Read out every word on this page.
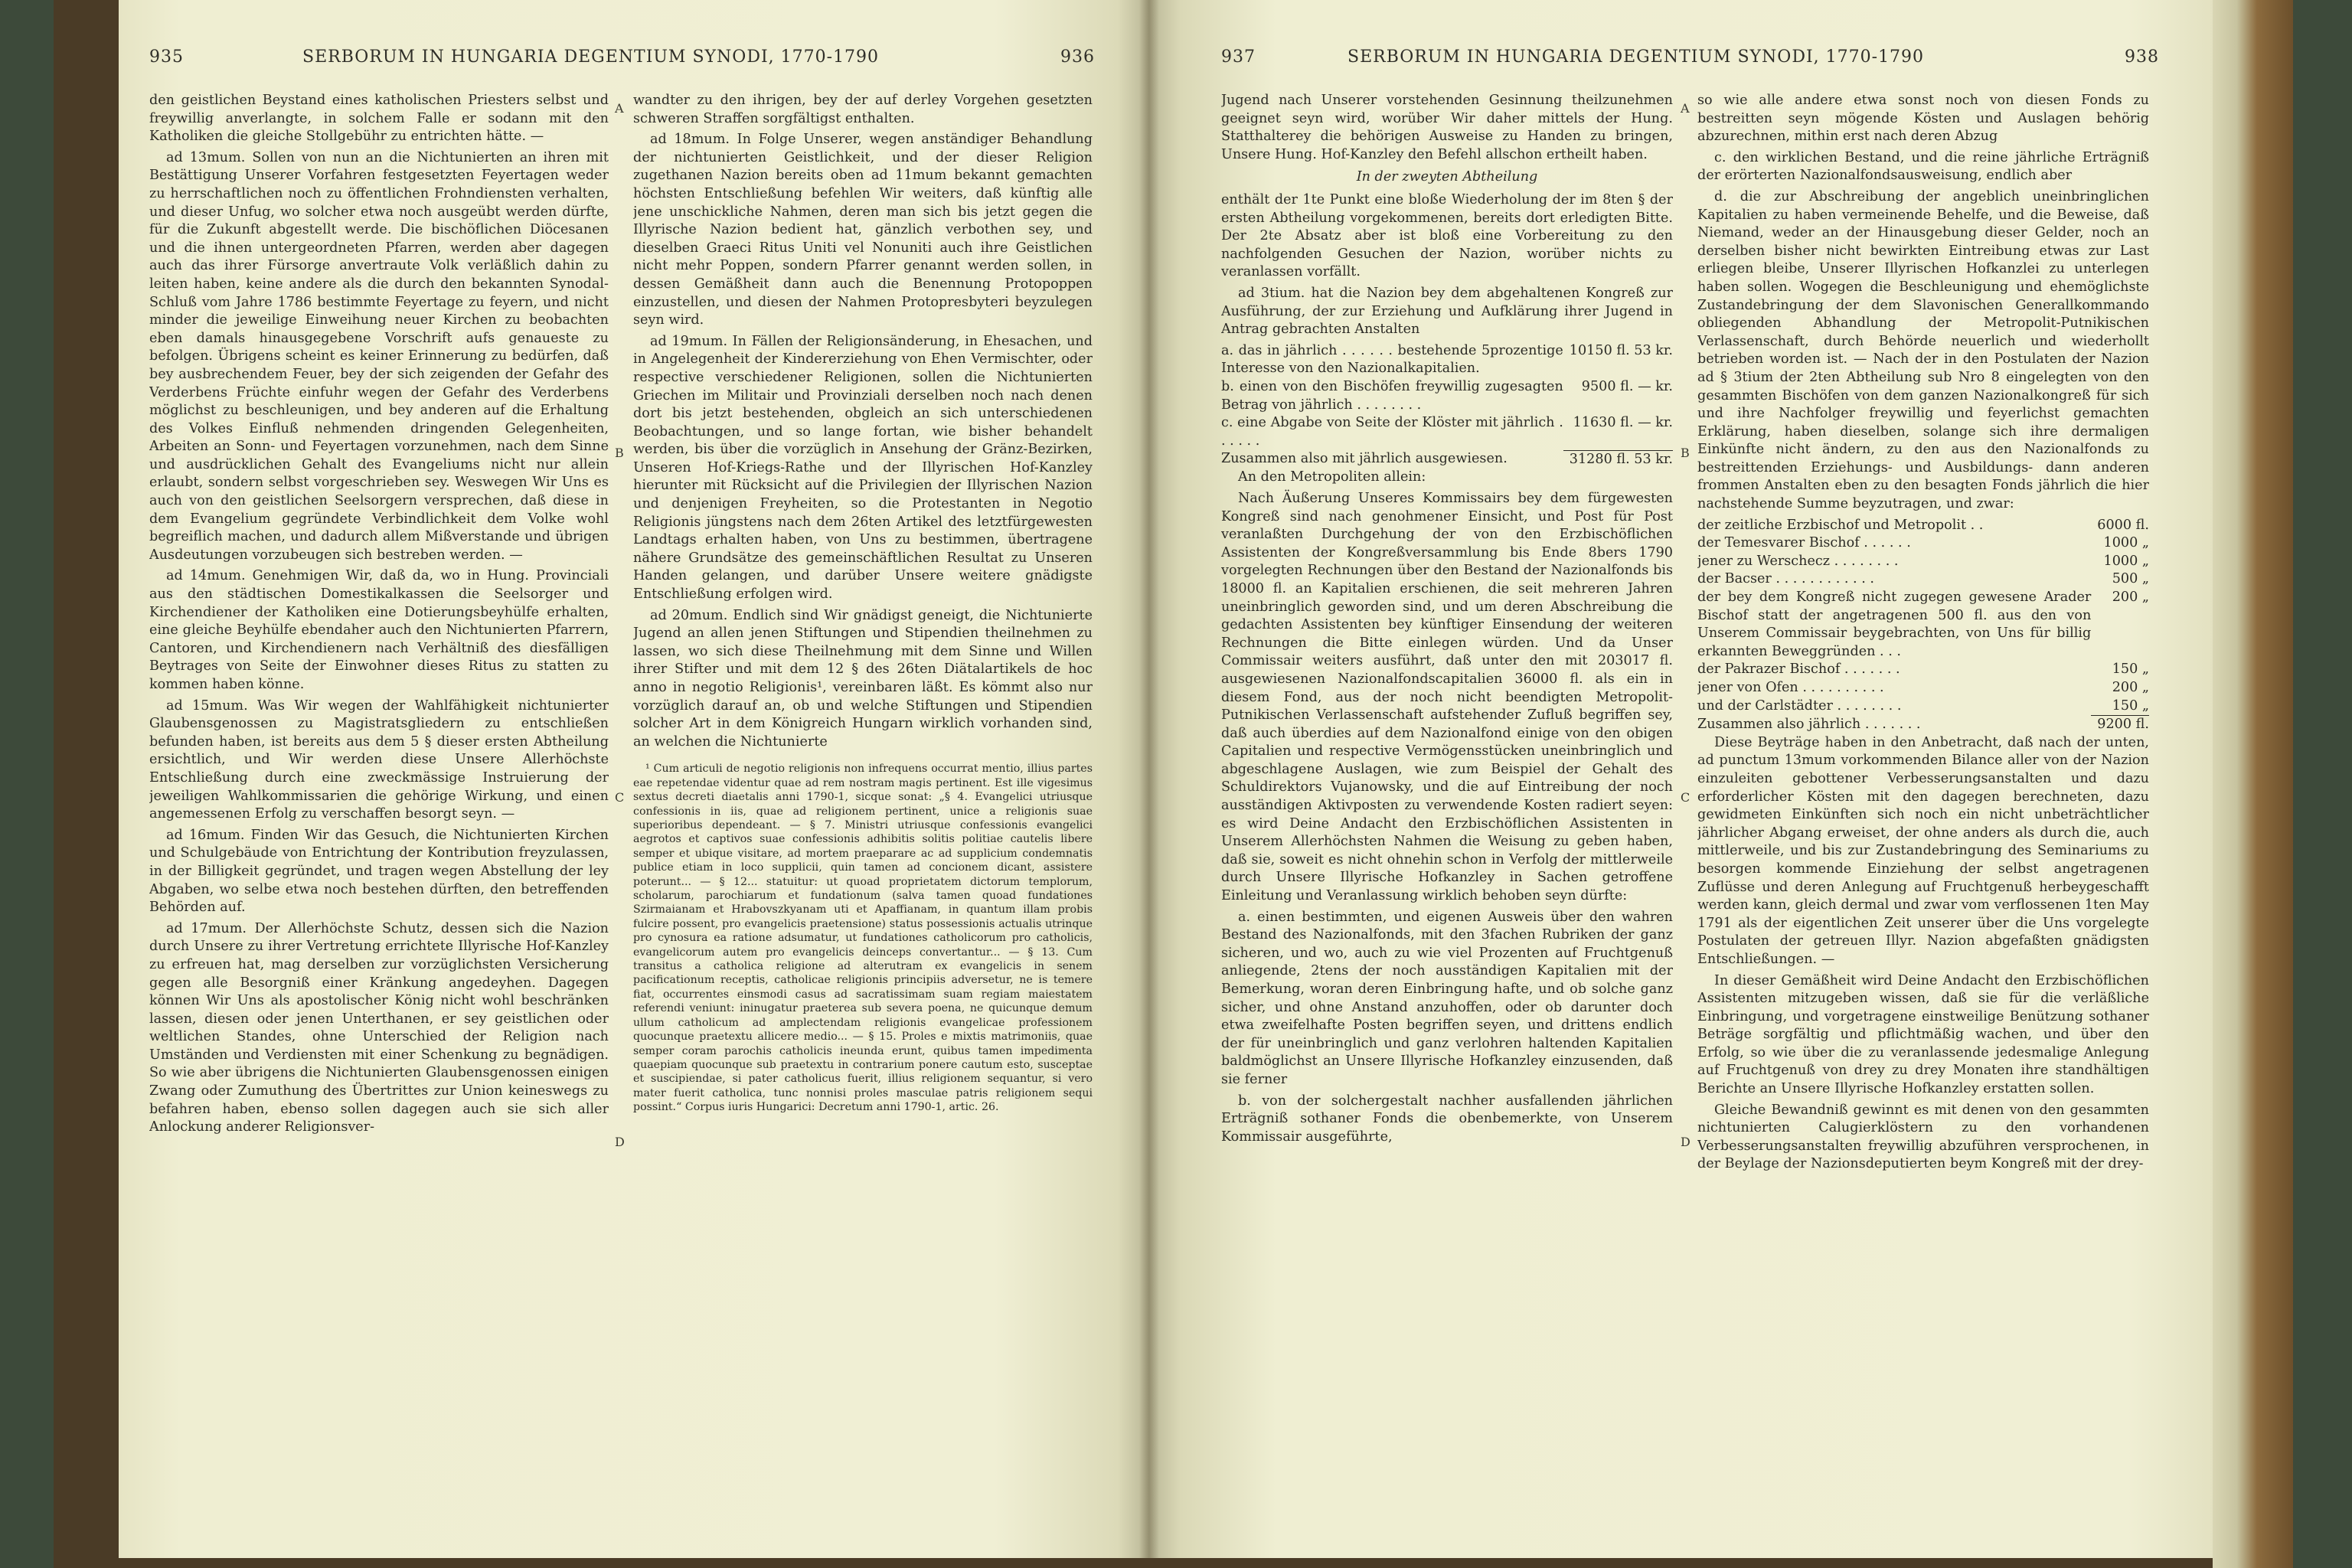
935	SERBORUM IN HUNGARIA DEGENTIUM SYNODI, 1770-1790	936

den geistlichen Beystand eines katholischen Priesters selbst und freywillig anverlangte, in solchem Falle er sodann mit den Katholiken die gleiche Stollgebühr zu entrichten hätte. —

ad 13mum. Sollen von nun an die Nichtunierten an ihren mit Bestättigung Unserer Vorfahren festgesetzten Feyertagen weder zu herrschaftlichen noch zu öffentlichen Frohndiensten verhalten, und dieser Unfug, wo solcher etwa noch ausgeübt werden dürfte, für die Zukunft abgestellt werde. Die bischöflichen Diöcesanen und die ihnen untergeordneten Pfarren, werden aber dagegen auch das ihrer Fürsorge anvertraute Volk verläßlich dahin zu leiten haben, keine andere als die durch den bekannten Synodal-Schluß vom Jahre 1786 bestimmte Feyertage zu feyern, und nicht minder die jeweilige Einweihung neuer Kirchen zu beobachten eben damals hinausgegebene Vorschrift aufs genaueste zu befolgen. Übrigens scheint es keiner Erinnerung zu bedürfen, daß bey ausbrechendem Feuer, bey der sich zeigenden der Gefahr des Verderbens Früchte einfuhr wegen der Gefahr des Verderbens möglichst zu beschleunigen, und bey anderen auf die Erhaltung des Volkes Einfluß nehmenden dringenden Gelegenheiten, Arbeiten an Sonn- und Feyertagen vorzunehmen, nach dem Sinne und ausdrücklichen Gehalt des Evangeliums nicht nur allein erlaubt, sondern selbst vorgeschrieben sey. Weswegen Wir Uns es auch von den geistlichen Seelsorgern versprechen, daß diese in dem Evangelium gegründete Verbindlichkeit dem Volke wohl begreiflich machen, und dadurch allem Mißverstande und übrigen Ausdeutungen vorzubeugen sich bestreben werden. —

ad 14mum. Genehmigen Wir, daß da, wo in Hung. Provinciali aus den städtischen Domestikalkassen die Seelsorger und Kirchendiener der Katholiken eine Dotierungsbeyhülfe erhalten, eine gleiche Beyhülfe ebendaher auch den Nichtunierten Pfarrern, Cantoren, und Kirchendienern nach Verhältniß des diesfälligen Beytrages von Seite der Einwohner dieses Ritus zu statten zu kommen haben könne.

ad 15mum. Was Wir wegen der Wahlfähigkeit nichtunierter Glaubensgenossen zu Magistratsgliedern zu entschließen befunden haben, ist bereits aus dem 5 § dieser ersten Abtheilung ersichtlich, und Wir werden diese Unsere Allerhöchste Entschließung durch eine zweckmässige Instruierung der jeweiligen Wahlkommissarien die gehörige Wirkung, und einen angemessenen Erfolg zu verschaffen besorgt seyn. —

ad 16mum. Finden Wir das Gesuch, die Nichtunierten Kirchen und Schulgebäude von Entrichtung der Kontribution freyzulassen, in der Billigkeit gegründet, und tragen wegen Abstellung der ley Abgaben, wo selbe etwa noch bestehen dürften, den betreffenden Behörden auf.

ad 17mum. Der Allerhöchste Schutz, dessen sich die Nazion durch Unsere zu ihrer Vertretung errichtete Illyrische Hof-Kanzley zu erfreuen hat, mag derselben zur vorzüglichsten Versicherung gegen alle Besorgniß einer Kränkung angedeyhen. Dagegen können Wir Uns als apostolischer König nicht wohl beschränken lassen, diesen oder jenen Unterthanen, er sey geistlichen oder weltlichen Standes, ohne Unterschied der Religion nach Umständen und Verdiensten mit einer Schenkung zu begnädigen. So wie aber übrigens die Nichtunierten Glaubensgenossen einigen Zwang oder Zumuthung des Übertrittes zur Union keineswegs zu befahren haben, ebenso sollen dagegen auch sie sich aller Anlockung anderer Religionsver-

A
B
C
D

wandter zu den ihrigen, bey der auf derley Vorgehen gesetzten schweren Straffen sorgfältigst enthalten.

ad 18mum. In Folge Unserer, wegen anständiger Behandlung der nichtunierten Geistlichkeit, und der dieser Religion zugethanen Nazion bereits oben ad 11mum bekannt gemachten höchsten Entschließung befehlen Wir weiters, daß künftig alle jene unschickliche Nahmen, deren man sich bis jetzt gegen die Illyrische Nazion bedient hat, gänzlich verbothen sey, und dieselben Graeci Ritus Uniti vel Nonuniti auch ihre Geistlichen nicht mehr Poppen, sondern Pfarrer genannt werden sollen, in dessen Gemäßheit dann auch die Benennung Protopoppen einzustellen, und diesen der Nahmen Protopresbyteri beyzulegen seyn wird.

ad 19mum. In Fällen der Religionsänderung, in Ehesachen, und in Angelegenheit der Kindererziehung von Ehen Vermischter, oder respective verschiedener Religionen, sollen die Nichtunierten Griechen im Militair und Provinziali derselben noch nach denen dort bis jetzt bestehenden, obgleich an sich unterschiedenen Beobachtungen, und so lange fortan, wie bisher behandelt werden, bis über die vorzüglich in Ansehung der Gränz-Bezirken, Unseren Hof-Kriegs-Rathe und der Illyrischen Hof-Kanzley hierunter mit Rücksicht auf die Privilegien der Illyrischen Nazion und denjenigen Freyheiten, so die Protestanten in Negotio Religionis jüngstens nach dem 26ten Artikel des letztfürgewesten Landtags erhalten haben, von Uns zu bestimmen, übertragene nähere Grundsätze des gemeinschäftlichen Resultat zu Unseren Handen gelangen, und darüber Unsere weitere gnädigste Entschließung erfolgen wird.

ad 20mum. Endlich sind Wir gnädigst geneigt, die Nichtunierte Jugend an allen jenen Stiftungen und Stipendien theilnehmen zu lassen, wo sich diese Theilnehmung mit dem Sinne und Willen ihrer Stifter und mit dem 12 § des 26ten Diätalartikels de hoc anno in negotio Religionis¹, vereinbaren läßt. Es kömmt also nur vorzüglich darauf an, ob und welche Stiftungen und Stipendien solcher Art in dem Königreich Hungarn wirklich vorhanden sind, an welchen die Nichtunierte

¹ Cum articuli de negotio religionis non infrequens occurrat mentio, illius partes eae repetendae videntur quae ad rem nostram magis pertinent. Est ille vigesimus sextus decreti diaetalis anni 1790-1, sicque sonat: „§ 4. Evangelici utriusque confessionis in iis, quae ad religionem pertinent, unice a religionis suae superioribus dependeant. — § 7. Ministri utriusque confessionis evangelici aegrotos et captivos suae confessionis adhibitis solitis politiae cautelis libere semper et ubique visitare, ad mortem praeparare ac ad supplicium condemnatis publice etiam in loco supplicii, quin tamen ad concionem dicant, assistere poterunt... — § 12... statuitur: ut quoad proprietatem dictorum templorum, scholarum, parochiarum et fundationum (salva tamen quoad fundationes Szirmaianam et Hrabovszkyanam uti et Apaffianam, in quantum illam probis fulcire possent, pro evangelicis praetensione) status possessionis actualis utrinque pro cynosura ea ratione adsumatur, ut fundationes catholicorum pro catholicis, evangelicorum autem pro evangelicis deinceps convertantur... — § 13. Cum transitus a catholica religione ad alterutram ex evangelicis in senem pacificationum receptis, catholicae religionis principiis adversetur, ne is temere fiat, occurrentes einsmodi casus ad sacratissimam suam regiam maiestatem referendi veniunt: ininugatur praeterea sub severa poena, ne quicunque demum ullum catholicum ad amplectendam religionis evangelicae professionem quocunque praetextu allicere medio... — § 15. Proles e mixtis matrimoniis, quae semper coram parochis catholicis ineunda erunt, quibus tamen impedimenta quaepiam quocunque sub praetextu in contrarium ponere cautum esto, susceptae et suscipiendae, si pater catholicus fuerit, illius religionem sequantur, si vero mater fuerit catholica, tunc nonnisi proles masculae patris religionem sequi possint.“ Corpus iuris Hungarici: Decretum anni 1790-1, artic. 26.

937	SERBORUM IN HUNGARIA DEGENTIUM SYNODI, 1770-1790	938

Jugend nach Unserer vorstehenden Gesinnung theilzunehmen geeignet seyn wird, worüber Wir daher mittels der Hung. Statthalterey die behörigen Ausweise zu Handen zu bringen, Unsere Hung. Hof-Kanzley den Befehl allschon ertheilt haben.

In der zweyten Abtheilung

enthält der 1te Punkt eine bloße Wiederholung der im 8ten § der ersten Abtheilung vorgekommenen, bereits dort erledigten Bitte. Der 2te Absatz aber ist bloß eine Vorbereitung zu den nachfolgenden Gesuchen der Nazion, worüber nichts zu veranlassen vorfällt.

ad 3tium. hat die Nazion bey dem abgehaltenen Kongreß zur Ausführung, der zur Erziehung und Aufklärung ihrer Jugend in Antrag gebrachten Anstalten

a. das in jährlich . . . . . . bestehende 5prozentige Interesse von den Nazionalkapitalien.	10150 fl. 53 kr.
b. einen von den Bischöfen freywillig zugesagten Betrag von jährlich . . . . . . . .	9500 fl. — kr.
c. eine Abgabe von Seite der Klöster mit jährlich . . . . . .	11630 fl. — kr.
Zusammen also mit jährlich ausgewiesen.	31280 fl. 53 kr.

An den Metropoliten allein:

Nach Äußerung Unseres Kommissairs bey dem fürgewesten Kongreß sind nach genohmener Einsicht, und Post für Post veranlaßten Durchgehung der von den Erzbischöflichen Assistenten der Kongreßversammlung bis Ende 8bers 1790 vorgelegten Rechnungen über den Bestand der Nazionalfonds bis 18000 fl. an Kapitalien erschienen, die seit mehreren Jahren uneinbringlich geworden sind, und um deren Abschreibung die gedachten Assistenten bey künftiger Einsendung der weiteren Rechnungen die Bitte einlegen würden. Und da Unser Commissair weiters ausführt, daß unter den mit 203017 fl. ausgewiesenen Nazionalfondscapitalien 36000 fl. als ein in diesem Fond, aus der noch nicht beendigten Metropolit-Putnikischen Verlassenschaft aufstehender Zufluß begriffen sey, daß auch überdies auf dem Nazionalfond einige von den obigen Capitalien und respective Vermögensstücken uneinbringlich und abgeschlagene Auslagen, wie zum Beispiel der Gehalt des Schuldirektors Vujanowsky, und die auf Eintreibung der noch ausständigen Aktivposten zu verwendende Kosten radiert seyen: es wird Deine Andacht den Erzbischöflichen Assistenten in Unserem Allerhöchsten Nahmen die Weisung zu geben haben, daß sie, soweit es nicht ohnehin schon in Verfolg der mittlerweile durch Unsere Illyrische Hofkanzley in Sachen getroffene Einleitung und Veranlassung wirklich behoben seyn dürfte:

a. einen bestimmten, und eigenen Ausweis über den wahren Bestand des Nazionalfonds, mit den 3fachen Rubriken der ganz sicheren, und wo, auch zu wie viel Prozenten auf Fruchtgenuß anliegende, 2tens der noch ausständigen Kapitalien mit der Bemerkung, woran deren Einbringung hafte, und ob solche ganz sicher, und ohne Anstand anzuhoffen, oder ob darunter doch etwa zweifelhafte Posten begriffen seyen, und drittens endlich der für uneinbringlich und ganz verlohren haltenden Kapitalien baldmöglichst an Unsere Illyrische Hofkanzley einzusenden, daß sie ferner

b. von der solchergestalt nachher ausfallenden jährlichen Erträgniß sothaner Fonds die obenbemerkte, von Unserem Kommissair ausgeführte,

A
B
C
D

so wie alle andere etwa sonst noch von diesen Fonds zu bestreitten seyn mögende Kösten und Auslagen behörig abzurechnen, mithin erst nach deren Abzug

c. den wirklichen Bestand, und die reine jährliche Erträgniß der erörterten Nazionalfondsausweisung, endlich aber

d. die zur Abschreibung der angeblich uneinbringlichen Kapitalien zu haben vermeinende Behelfe, und die Beweise, daß Niemand, weder an der Hinausgebung dieser Gelder, noch an derselben bisher nicht bewirkten Eintreibung etwas zur Last erliegen bleibe, Unserer Illyrischen Hofkanzlei zu unterlegen haben sollen. Wogegen die Beschleunigung und ehemöglichste Zustandebringung der dem Slavonischen Generallkommando obliegenden Abhandlung der Metropolit-Putnikischen Verlassenschaft, durch Behörde neuerlich und wiederhollt betrieben worden ist. — Nach der in den Postulaten der Nazion ad § 3tium der 2ten Abtheilung sub Nro 8 eingelegten von den gesammten Bischöfen von dem ganzen Nazionalkongreß für sich und ihre Nachfolger freywillig und feyerlichst gemachten Erklärung, haben dieselben, solange sich ihre dermaligen Einkünfte nicht ändern, zu den aus den Nazionalfonds zu bestreittenden Erziehungs- und Ausbildungs- dann anderen frommen Anstalten eben zu den besagten Fonds jährlich die hier nachstehende Summe beyzutragen, und zwar:

der zeitliche Erzbischof und Metropolit . .	6000 fl.
der Temesvarer Bischof . . . . . .	1000 „
jener zu Werschecz . . . . . . . .	1000 „
der Bacser . . . . . . . . . . . .	500 „
der bey dem Kongreß nicht zugegen gewesene Arader Bischof statt der angetragenen 500 fl. aus den von Unserem Commissair beygebrachten, von Uns für billig erkannten Beweggründen . . .	200 „
der Pakrazer Bischof . . . . . . .	150 „
jener von Ofen . . . . . . . . . .	200 „
und der Carlstädter . . . . . . . .	150 „
Zusammen also jährlich . . . . . . .	9200 fl.

Diese Beyträge haben in den Anbetracht, daß nach der unten, ad punctum 13mum vorkommenden Bilance aller von der Nazion einzuleiten gebottener Verbesserungsanstalten und dazu erforderlicher Kösten mit den dagegen berechneten, dazu gewidmeten Einkünften sich noch ein nicht unbeträchtlicher jährlicher Abgang erweiset, der ohne anders als durch die, auch mittlerweile, und bis zur Zustandebringung des Seminariums zu besorgen kommende Einziehung der selbst angetragenen Zuflüsse und deren Anlegung auf Fruchtgenuß herbeygeschafft werden kann, gleich dermal und zwar vom verflossenen 1ten May 1791 als der eigentlichen Zeit unserer über die Uns vorgelegte Postulaten der getreuen Illyr. Nazion abgefaßten gnädigsten Entschließungen. —

In dieser Gemäßheit wird Deine Andacht den Erzbischöflichen Assistenten mitzugeben wissen, daß sie für die verläßliche Einbringung, und vorgetragene einstweilige Benützung sothaner Beträge sorgfältig und pflichtmäßig wachen, und über den Erfolg, so wie über die zu veranlassende jedesmalige Anlegung auf Fruchtgenuß von drey zu drey Monaten ihre standhältigen Berichte an Unsere Illyrische Hofkanzley erstatten sollen.

Gleiche Bewandniß gewinnt es mit denen von den gesammten nichtunierten Calugierklöstern zu den vorhandenen Verbesserungsanstalten freywillig abzuführen versprochenen, in der Beylage der Nazionsdeputierten beym Kongreß mit der drey-
